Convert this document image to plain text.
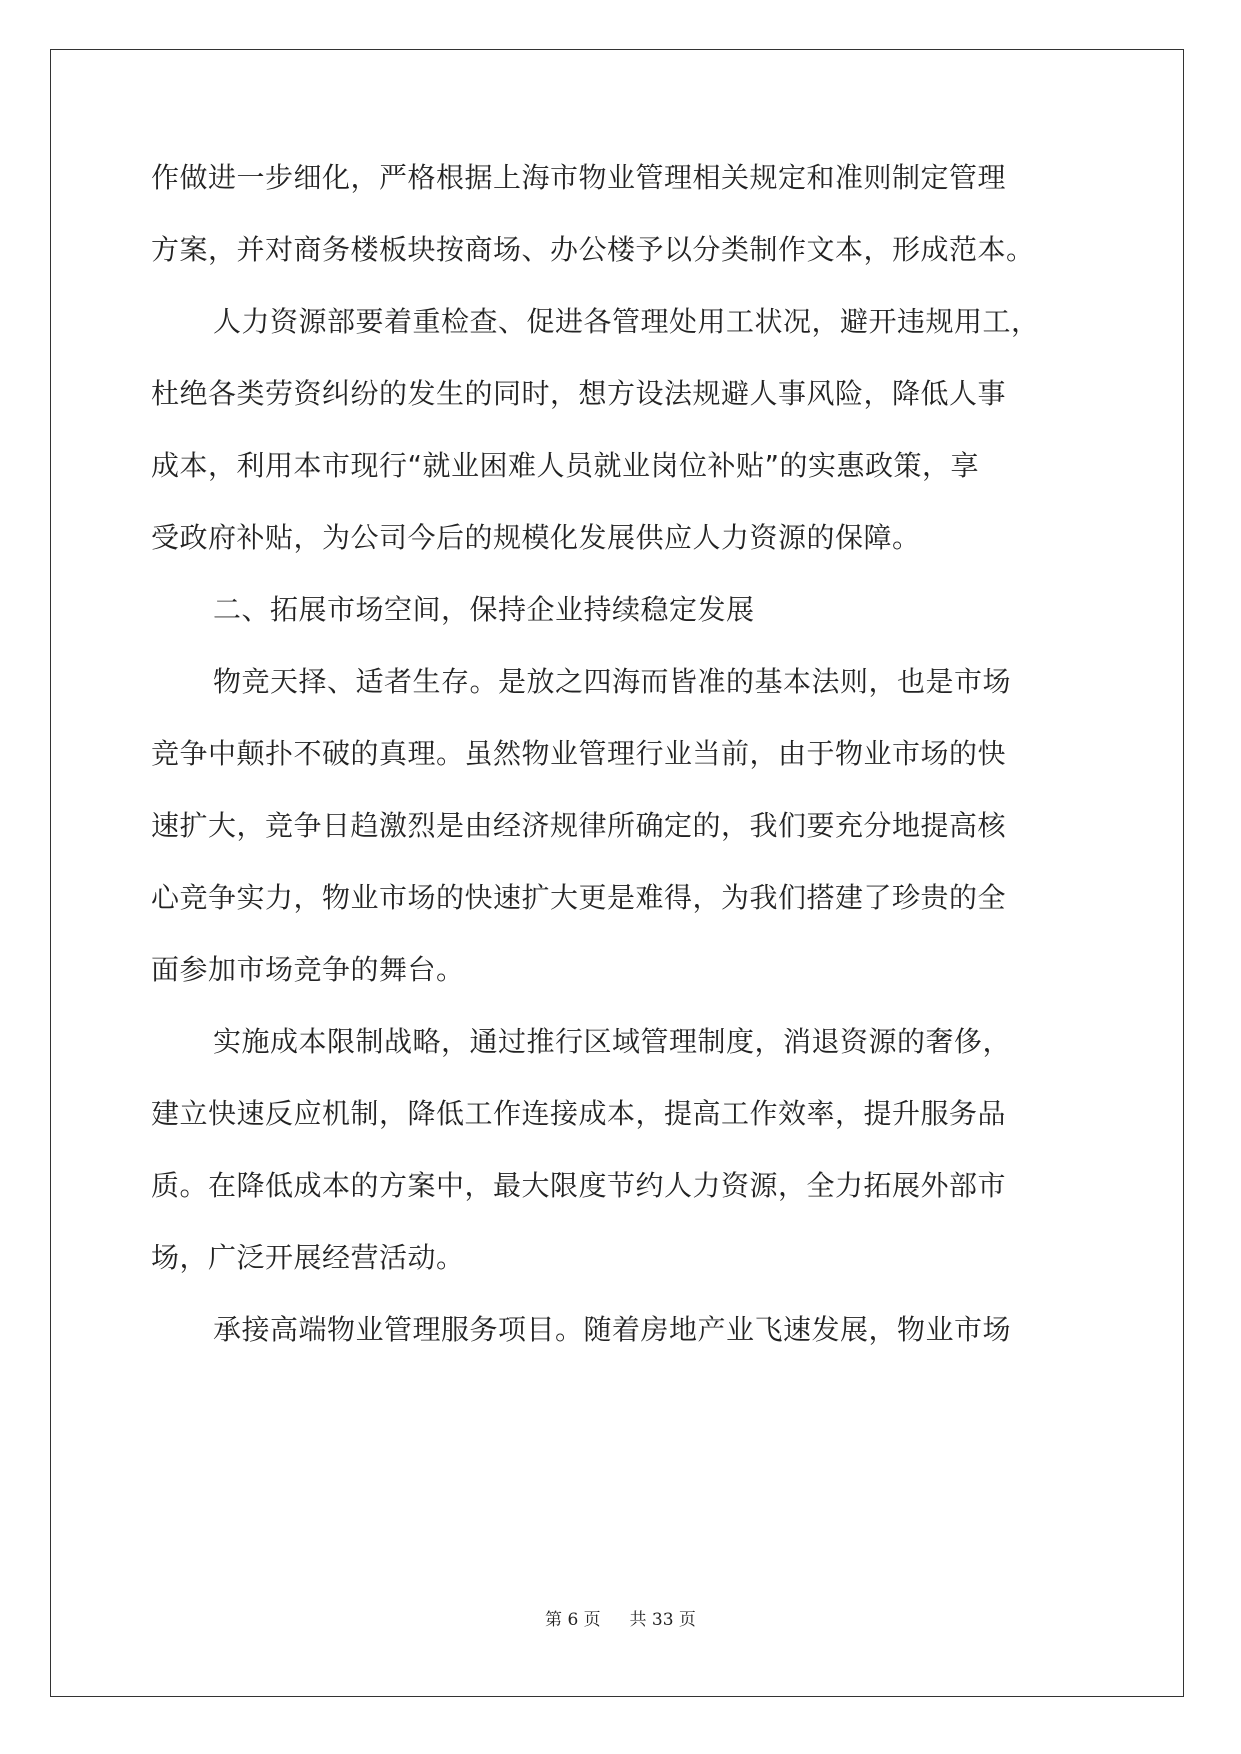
作做进一步细化，严格根据上海市物业管理相关规定和准则制定管理
方案，并对商务楼板块按商场、办公楼予以分类制作文本，形成范本。
人力资源部要着重检查、促进各管理处用工状况，避开违规用工，
杜绝各类劳资纠纷的发生的同时，想方设法规避人事风险，降低人事
成本，利用本市现行“就业困难人员就业岗位补贴”的实惠政策，享
受政府补贴，为公司今后的规模化发展供应人力资源的保障。
二、拓展市场空间，保持企业持续稳定发展
物竞天择、适者生存。是放之四海而皆准的基本法则，也是市场
竞争中颠扑不破的真理。虽然物业管理行业当前，由于物业市场的快
速扩大，竞争日趋激烈是由经济规律所确定的，我们要充分地提高核
心竞争实力，物业市场的快速扩大更是难得，为我们搭建了珍贵的全
面参加市场竞争的舞台。
实施成本限制战略，通过推行区域管理制度，消退资源的奢侈，
建立快速反应机制，降低工作连接成本，提高工作效率，提升服务品
质。在降低成本的方案中，最大限度节约人力资源，全力拓展外部市
场，广泛开展经营活动。
承接高端物业管理服务项目。随着房地产业飞速发展，物业市场
第 6 页 共 33 页
